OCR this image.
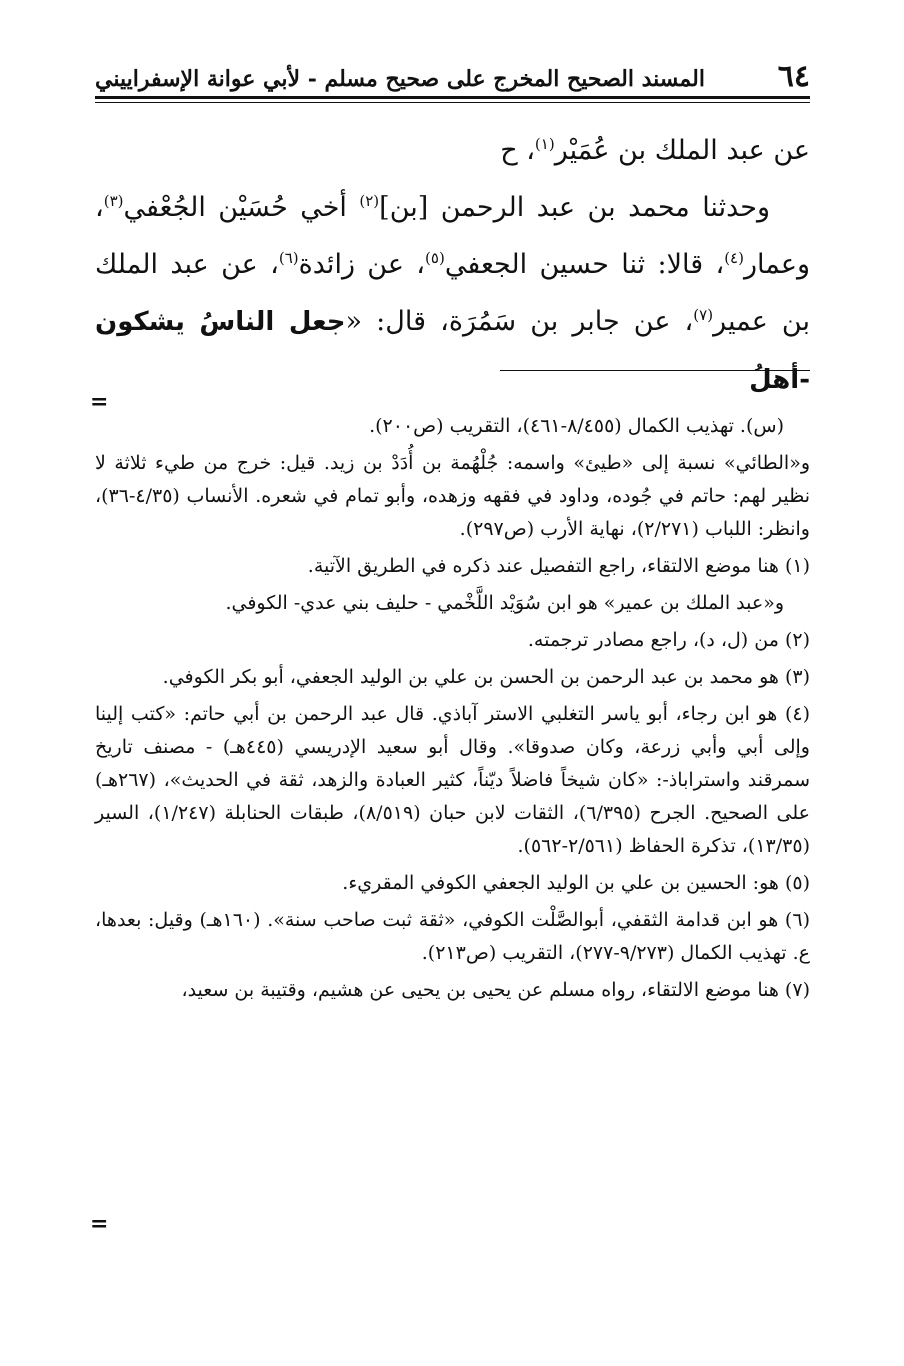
٦٤
المسند الصحيح المخرج على صحيح مسلم - لأبي عوانة الإسفراييني

عن عبد الملك بن عُمَيْر$^{(١)}$، ح

وحدثنا محمد بن عبد الرحمن [بن]$^{(٢)}$ أخي حُسَيْن الجُعْفي$^{(٣)}$، وعمار$^{(٤)}$، قالا: ثنا حسين الجعفي$^{(٥)}$، عن زائدة$^{(٦)}$، عن عبد الملك بن عمير$^{(٧)}$، عن جابر بن سَمُرَة، قال: «جعل الناسُ يشكون -أهلُ

=

(س). تهذيب الكمال (٨/٤٥٥-٤٦١)، التقريب (ص٢٠٠).

و«الطائي» نسبة إلى «طيئ» واسمه: جُلْهُمة بن أُدَدْ بن زيد. قيل: خرج من طيء ثلاثة لا نظير لهم: حاتم في جُوده، وداود في فقهه وزهده، وأبو تمام في شعره. الأنساب (٤/٣٥-٣٦)، وانظر: اللباب (٢/٢٧١)، نهاية الأرب (ص٢٩٧).

(١) هنا موضع الالتقاء، راجع التفصيل عند ذكره في الطريق الآتية.

و«عبد الملك بن عمير» هو ابن سُوَيْد اللَّخْمي - حليف بني عدي- الكوفي.

(٢) من (ل، د)، راجع مصادر ترجمته.

(٣) هو محمد بن عبد الرحمن بن الحسن بن علي بن الوليد الجعفي، أبو بكر الكوفي.

(٤) هو ابن رجاء، أبو ياسر التغلبي الاستر آباذي. قال عبد الرحمن بن أبي حاتم: «كتب إلينا وإلى أبي وأبي زرعة، وكان صدوقا». وقال أبو سعيد الإدريسي (٤٤٥هـ) - مصنف تاريخ سمرقند واستراباذ-: «كان شيخاً فاضلاً ديّناً، كثير العبادة والزهد، ثقة في الحديث»، (٢٦٧هـ) على الصحيح. الجرح (٦/٣٩٥)، الثقات لابن حبان (٨/٥١٩)، طبقات الحنابلة (١/٢٤٧)، السير (١٣/٣٥)، تذكرة الحفاظ (٢/٥٦١-٥٦٢).

(٥) هو: الحسين بن علي بن الوليد الجعفي الكوفي المقريء.

(٦) هو ابن قدامة الثقفي، أبوالصَّلْت الكوفي، «ثقة ثبت صاحب سنة». (١٦٠هـ) وقيل: بعدها، ع. تهذيب الكمال (٩/٢٧٣-٢٧٧)، التقريب (ص٢١٣).

(٧) هنا موضع الالتقاء، رواه مسلم عن يحيى بن يحيى عن هشيم، وقتيبة بن سعيد،

=
